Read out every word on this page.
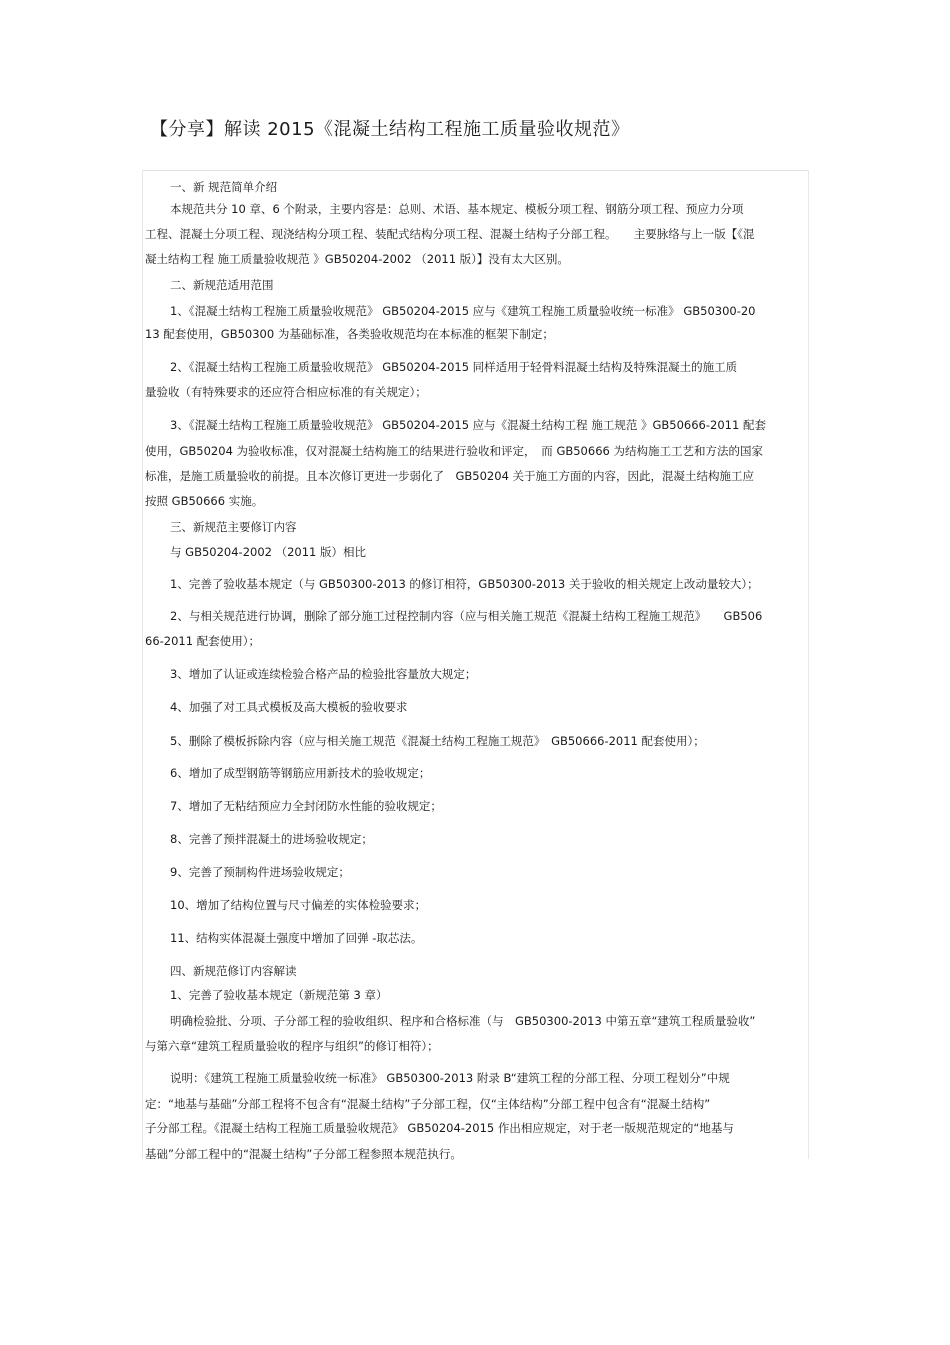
【分享】解读 2015《混凝土结构工程施工质量验收规范》
一、新 规范简单介绍
本规范共分 10 章、6 个附录，主要内容是：总则、术语、基本规定、模板分项工程、钢筋分项工程、预应力分项
工程、混凝土分项工程、现浇结构分项工程、装配式结构分项工程、混凝土结构子分部工程。　　主要脉络与上一版【《混
凝土结构工程 施工质量验收规范 》GB50204-2002 （2011 版）】没有太大区别。
二、新规范适用范围
1、《混凝土结构工程施工质量验收规范》 GB50204-2015 应与《建筑工程施工质量验收统一标准》 GB50300-20
13 配套使用，GB50300 为基础标准，各类验收规范均在本标准的框架下制定；
2、《混凝土结构工程施工质量验收规范》 GB50204-2015 同样适用于轻骨料混凝土结构及特殊混凝土的施工质
量验收（有特殊要求的还应符合相应标准的有关规定）；
3、《混凝土结构工程施工质量验收规范》 GB50204-2015 应与《混凝土结构工程 施工规范 》GB50666-2011 配套
使用，GB50204 为验收标准，仅对混凝土结构施工的结果进行验收和评定，　而 GB50666 为结构施工工艺和方法的国家
标准，是施工质量验收的前提。且本次修订更进一步弱化了　GB50204 关于施工方面的内容，因此，混凝土结构施工应
按照 GB50666 实施。
三、新规范主要修订内容
与 GB50204-2002 （2011 版）相比
1、完善了验收基本规定（与 GB50300-2013 的修订相符，GB50300-2013 关于验收的相关规定上改动量较大）；
2、与相关规范进行协调，删除了部分施工过程控制内容（应与相关施工规范《混凝土结构工程施工规范》　　GB506
66-2011 配套使用）；
3、增加了认证或连续检验合格产品的检验批容量放大规定；
4、加强了对工具式模板及高大模板的验收要求
5、删除了模板拆除内容（应与相关施工规范《混凝土结构工程施工规范》　GB50666-2011 配套使用）；
6、增加了成型钢筋等钢筋应用新技术的验收规定；
7、增加了无粘结预应力全封闭防水性能的验收规定；
8、完善了预拌混凝土的进场验收规定；
9、完善了预制构件进场验收规定；
10、增加了结构位置与尺寸偏差的实体检验要求；
11、结构实体混凝土强度中增加了回弹 -取芯法。
四、新规范修订内容解读
1、完善了验收基本规定（新规范第 3 章）
明确检验批、分项、子分部工程的验收组织、程序和合格标准（与　GB50300-2013 中第五章“建筑工程质量验收”
与第六章“建筑工程质量验收的程序与组织”的修订相符）；
说明：《建筑工程施工质量验收统一标准》 GB50300-2013 附录 B“建筑工程的分部工程、分项工程划分”中规
定：“地基与基础”分部工程将不包含有“混凝土结构”子分部工程，仅“主体结构”分部工程中包含有“混凝土结构”
子分部工程。《混凝土结构工程施工质量验收规范》 GB50204-2015 作出相应规定，对于老一版规范规定的“地基与
基础”分部工程中的“混凝土结构”子分部工程参照本规范执行。
